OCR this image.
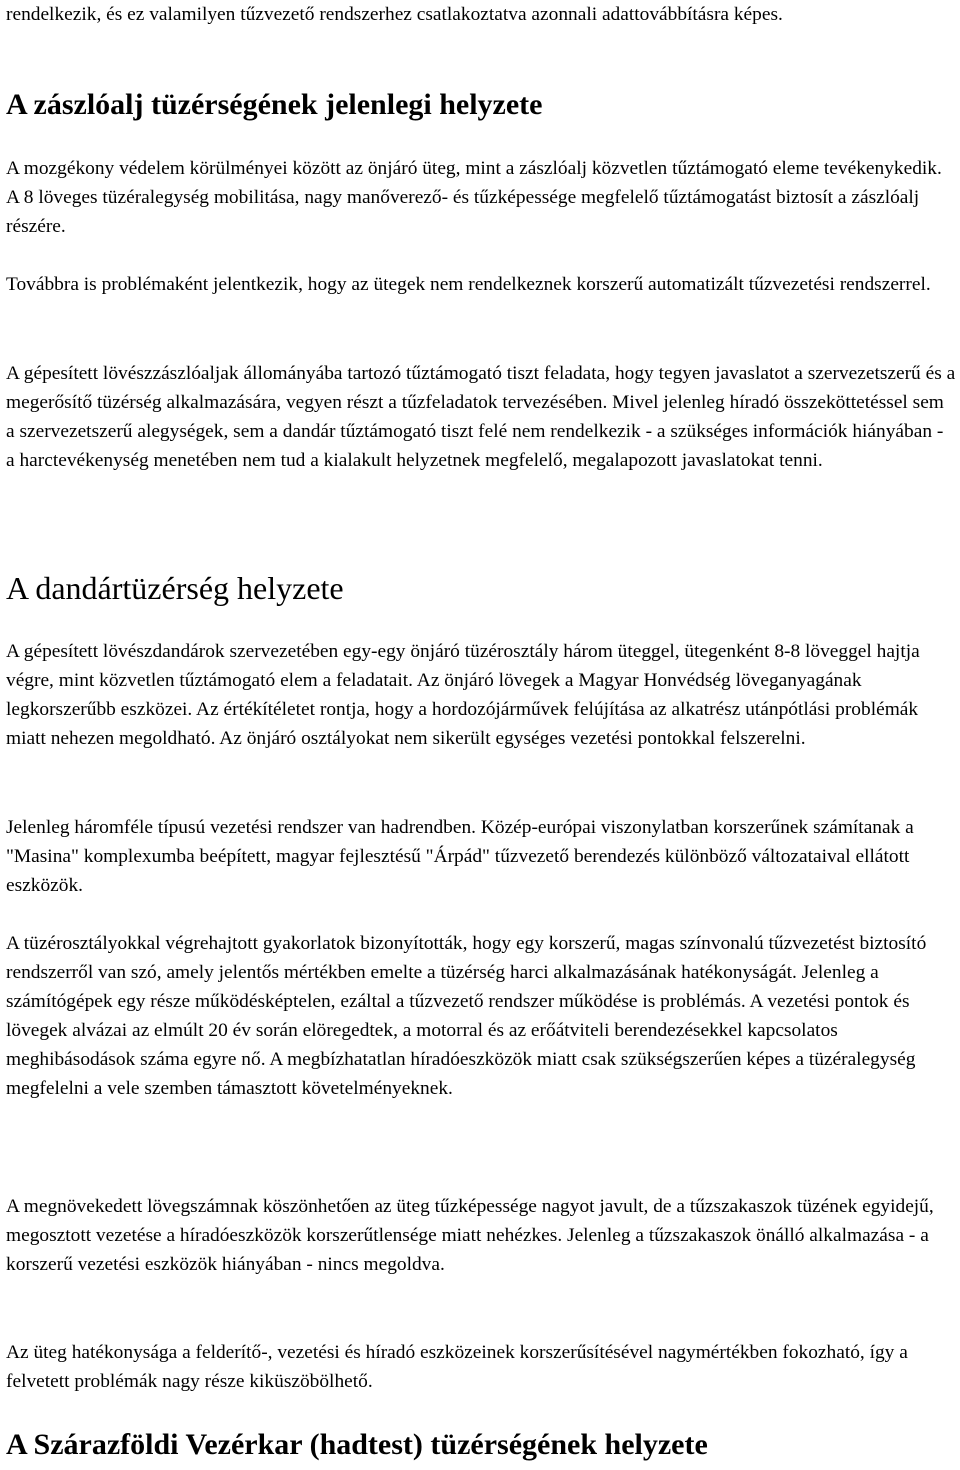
rendelkezik, és ez valamilyen tűzvezető rendszerhez csatlakoztatva azonnali adattovábbításra képes.

A zászlóalj tüzérségének jelenlegi helyzete

A mozgékony védelem körülményei között az önjáró üteg, mint a zászlóalj közvetlen tűztámogató eleme tevékenykedik. A 8 löveges tüzéralegység mobilitása, nagy manőverező- és tűzképessége megfelelő tűztámogatást biztosít a zászlóalj részére.

Továbbra is problémaként jelentkezik, hogy az ütegek nem rendelkeznek korszerű automatizált tűzvezetési rendszerrel.

A gépesített lövészzászlóaljak állományába tartozó tűztámogató tiszt feladata, hogy tegyen javaslatot a szervezetszerű és a megerősítő tüzérség alkalmazására, vegyen részt a tűzfeladatok tervezésében. Mivel jelenleg híradó összeköttetéssel sem a szervezetszerű alegységek, sem a dandár tűztámogató tiszt felé nem rendelkezik - a szükséges információk hiányában - a harctevékenység menetében nem tud a kialakult helyzetnek megfelelő, megalapozott javaslatokat tenni.

A dandártüzérség helyzete

A gépesített lövészdandárok szervezetében egy-egy önjáró tüzérosztály három üteggel, ütegenként 8-8 löveggel hajtja végre, mint közvetlen tűztámogató elem a feladatait. Az önjáró lövegek a Magyar Honvédség löveganyagának legkorszerűbb eszközei. Az értékítéletet rontja, hogy a hordozójárművek felújítása az alkatrész utánpótlási problémák miatt nehezen megoldható. Az önjáró osztályokat nem sikerült egységes vezetési pontokkal felszerelni.

Jelenleg háromféle típusú vezetési rendszer van hadrendben. Közép-európai viszonylatban korszerűnek számítanak a "Masina" komplexumba beépített, magyar fejlesztésű "Árpád" tűzvezető berendezés különböző változataival ellátott eszközök.

A tüzérosztályokkal végrehajtott gyakorlatok bizonyították, hogy egy korszerű, magas színvonalú tűzvezetést biztosító rendszerről van szó, amely jelentős mértékben emelte a tüzérség harci alkalmazásának hatékonyságát. Jelenleg a számítógépek egy része működésképtelen, ezáltal a tűzvezető rendszer működése is problémás. A vezetési pontok és lövegek alvázai az elmúlt 20 év során elöregedtek, a motorral és az erőátviteli berendezésekkel kapcsolatos meghibásodások száma egyre nő. A megbízhatatlan híradóeszközök miatt csak szükségszerűen képes a tüzéralegység megfelelni a vele szemben támasztott követelményeknek.

A megnövekedett lövegszámnak köszönhetően az üteg tűzképessége nagyot javult, de a tűzszakaszok tüzének egyidejű, megosztott vezetése a híradóeszközök korszerűtlensége miatt nehézkes. Jelenleg a tűzszakaszok önálló alkalmazása - a korszerű vezetési eszközök hiányában - nincs megoldva.

Az üteg hatékonysága a felderítő-, vezetési és híradó eszközeinek korszerűsítésével nagymértékben fokozható, így a felvetett problémák nagy része kiküszöbölhető.

A Szárazföldi Vezérkar (hadtest) tüzérségének helyzete
